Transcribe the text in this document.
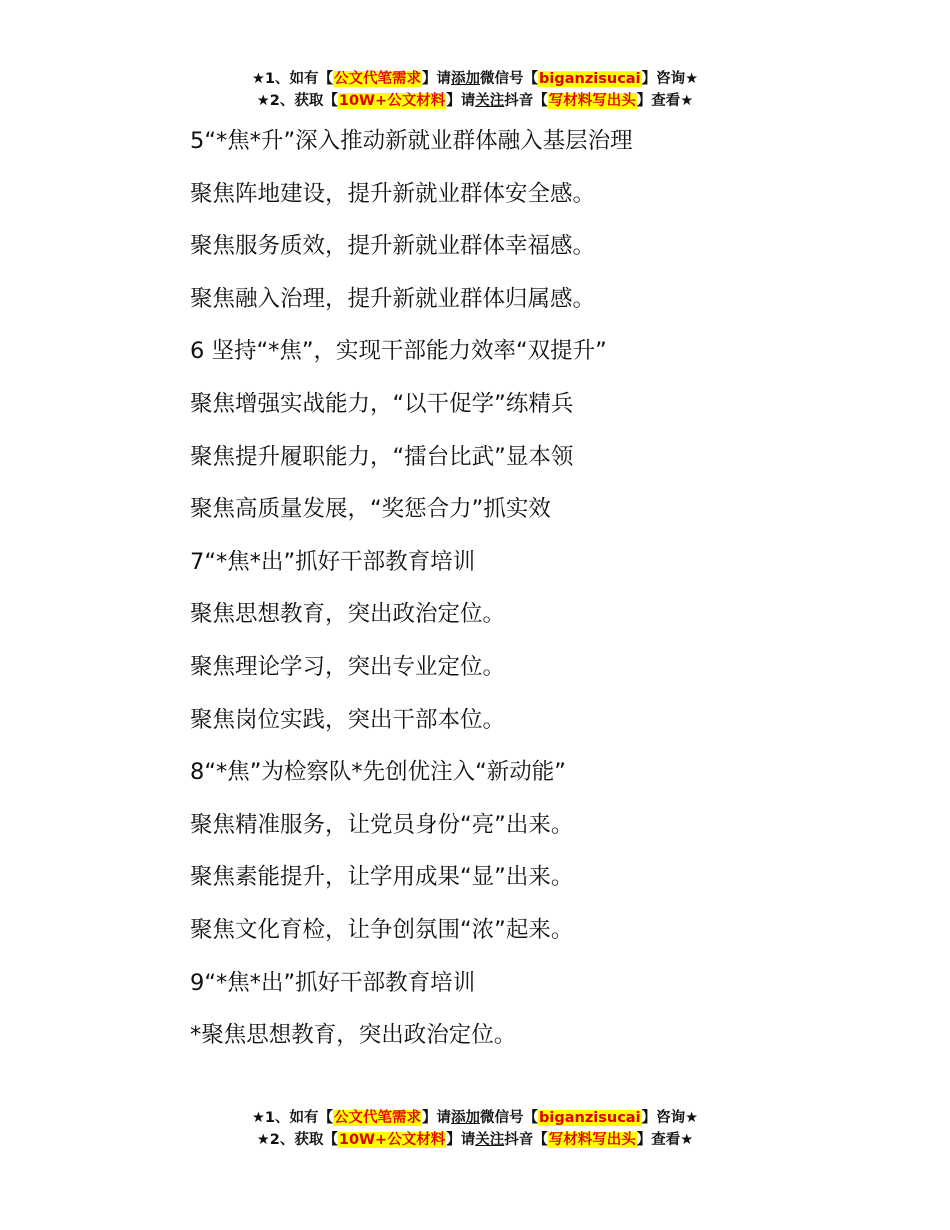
★1、如有【公文代笔需求】请添加微信号【biganzisucai】咨询★
★2、获取【10W+公文材料】请关注抖音【写材料写出头】查看★
5“*焦*升”深入推动新就业群体融入基层治理
聚焦阵地建设，提升新就业群体安全感。
聚焦服务质效，提升新就业群体幸福感。
聚焦融入治理，提升新就业群体归属感。
6 坚持“*焦”，实现干部能力效率“双提升”
聚焦增强实战能力，“以干促学”练精兵
聚焦提升履职能力，“擂台比武”显本领
聚焦高质量发展，“奖惩合力”抓实效
7“*焦*出”抓好干部教育培训
聚焦思想教育，突出政治定位。
聚焦理论学习，突出专业定位。
聚焦岗位实践，突出干部本位。
8“*焦”为检察队*先创优注入“新动能”
聚焦精准服务，让党员身份“亮”出来。
聚焦素能提升，让学用成果“显”出来。
聚焦文化育检，让争创氛围“浓”起来。
9“*焦*出”抓好干部教育培训
*聚焦思想教育，突出政治定位。
★1、如有【公文代笔需求】请添加微信号【biganzisucai】咨询★
★2、获取【10W+公文材料】请关注抖音【写材料写出头】查看★
